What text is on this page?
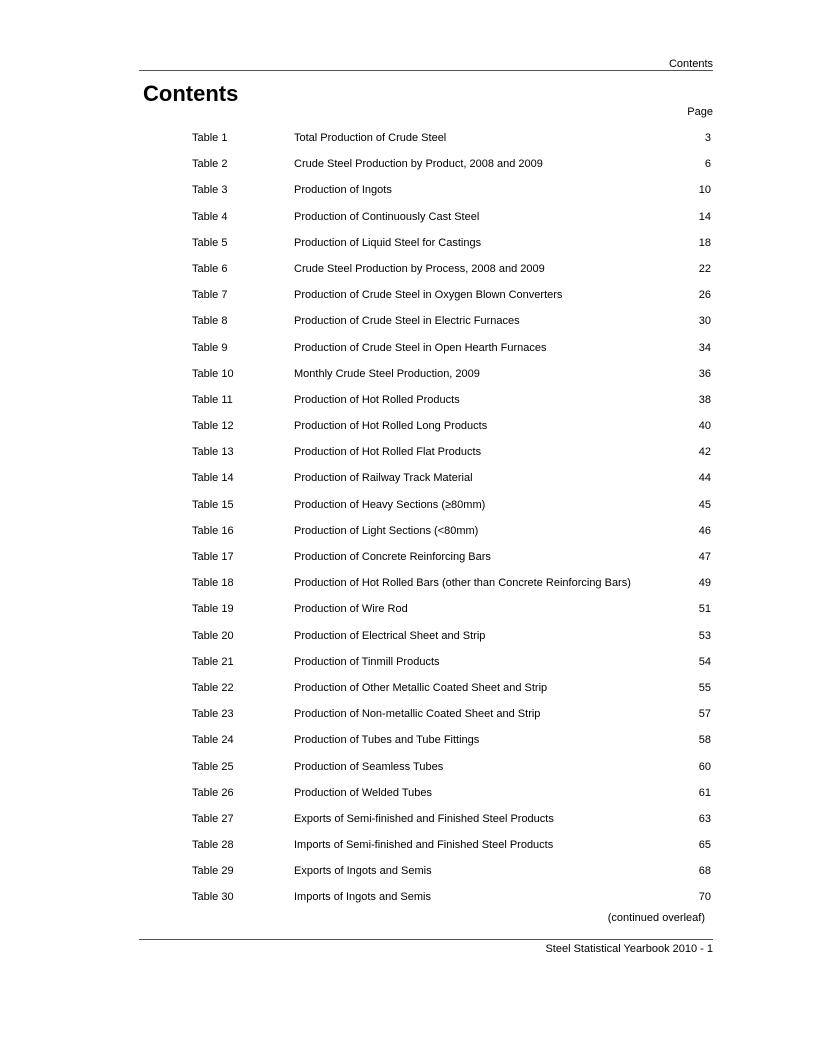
Contents
Contents
Page
Table 1	Total Production of Crude Steel	3
Table 2	Crude Steel Production by Product, 2008 and 2009	6
Table 3	Production of Ingots	10
Table 4	Production of Continuously Cast Steel	14
Table 5	Production of Liquid Steel for Castings	18
Table 6	Crude Steel Production by Process, 2008 and 2009	22
Table 7	Production of Crude Steel in Oxygen Blown Converters	26
Table 8	Production of Crude Steel in Electric Furnaces	30
Table 9	Production of Crude Steel in Open Hearth Furnaces	34
Table 10	Monthly Crude Steel Production, 2009	36
Table 11	Production of Hot Rolled Products	38
Table 12	Production of Hot Rolled Long Products	40
Table 13	Production of Hot Rolled Flat Products	42
Table 14	Production of Railway Track Material	44
Table 15	Production of Heavy Sections (≥80mm)	45
Table 16	Production of Light Sections (<80mm)	46
Table 17	Production of Concrete Reinforcing Bars	47
Table 18	Production of Hot Rolled Bars (other than Concrete Reinforcing Bars)	49
Table 19	Production of Wire Rod	51
Table 20	Production of Electrical Sheet and Strip	53
Table 21	Production of Tinmill Products	54
Table 22	Production of Other Metallic Coated Sheet and Strip	55
Table 23	Production of Non-metallic Coated Sheet and Strip	57
Table 24	Production of Tubes and Tube Fittings	58
Table 25	Production of Seamless Tubes	60
Table 26	Production of Welded Tubes	61
Table 27	Exports of Semi-finished and Finished Steel Products	63
Table 28	Imports of Semi-finished and Finished Steel Products	65
Table 29	Exports of Ingots and Semis	68
Table 30	Imports of Ingots and Semis	70
(continued overleaf)
Steel Statistical Yearbook 2010 - 1
